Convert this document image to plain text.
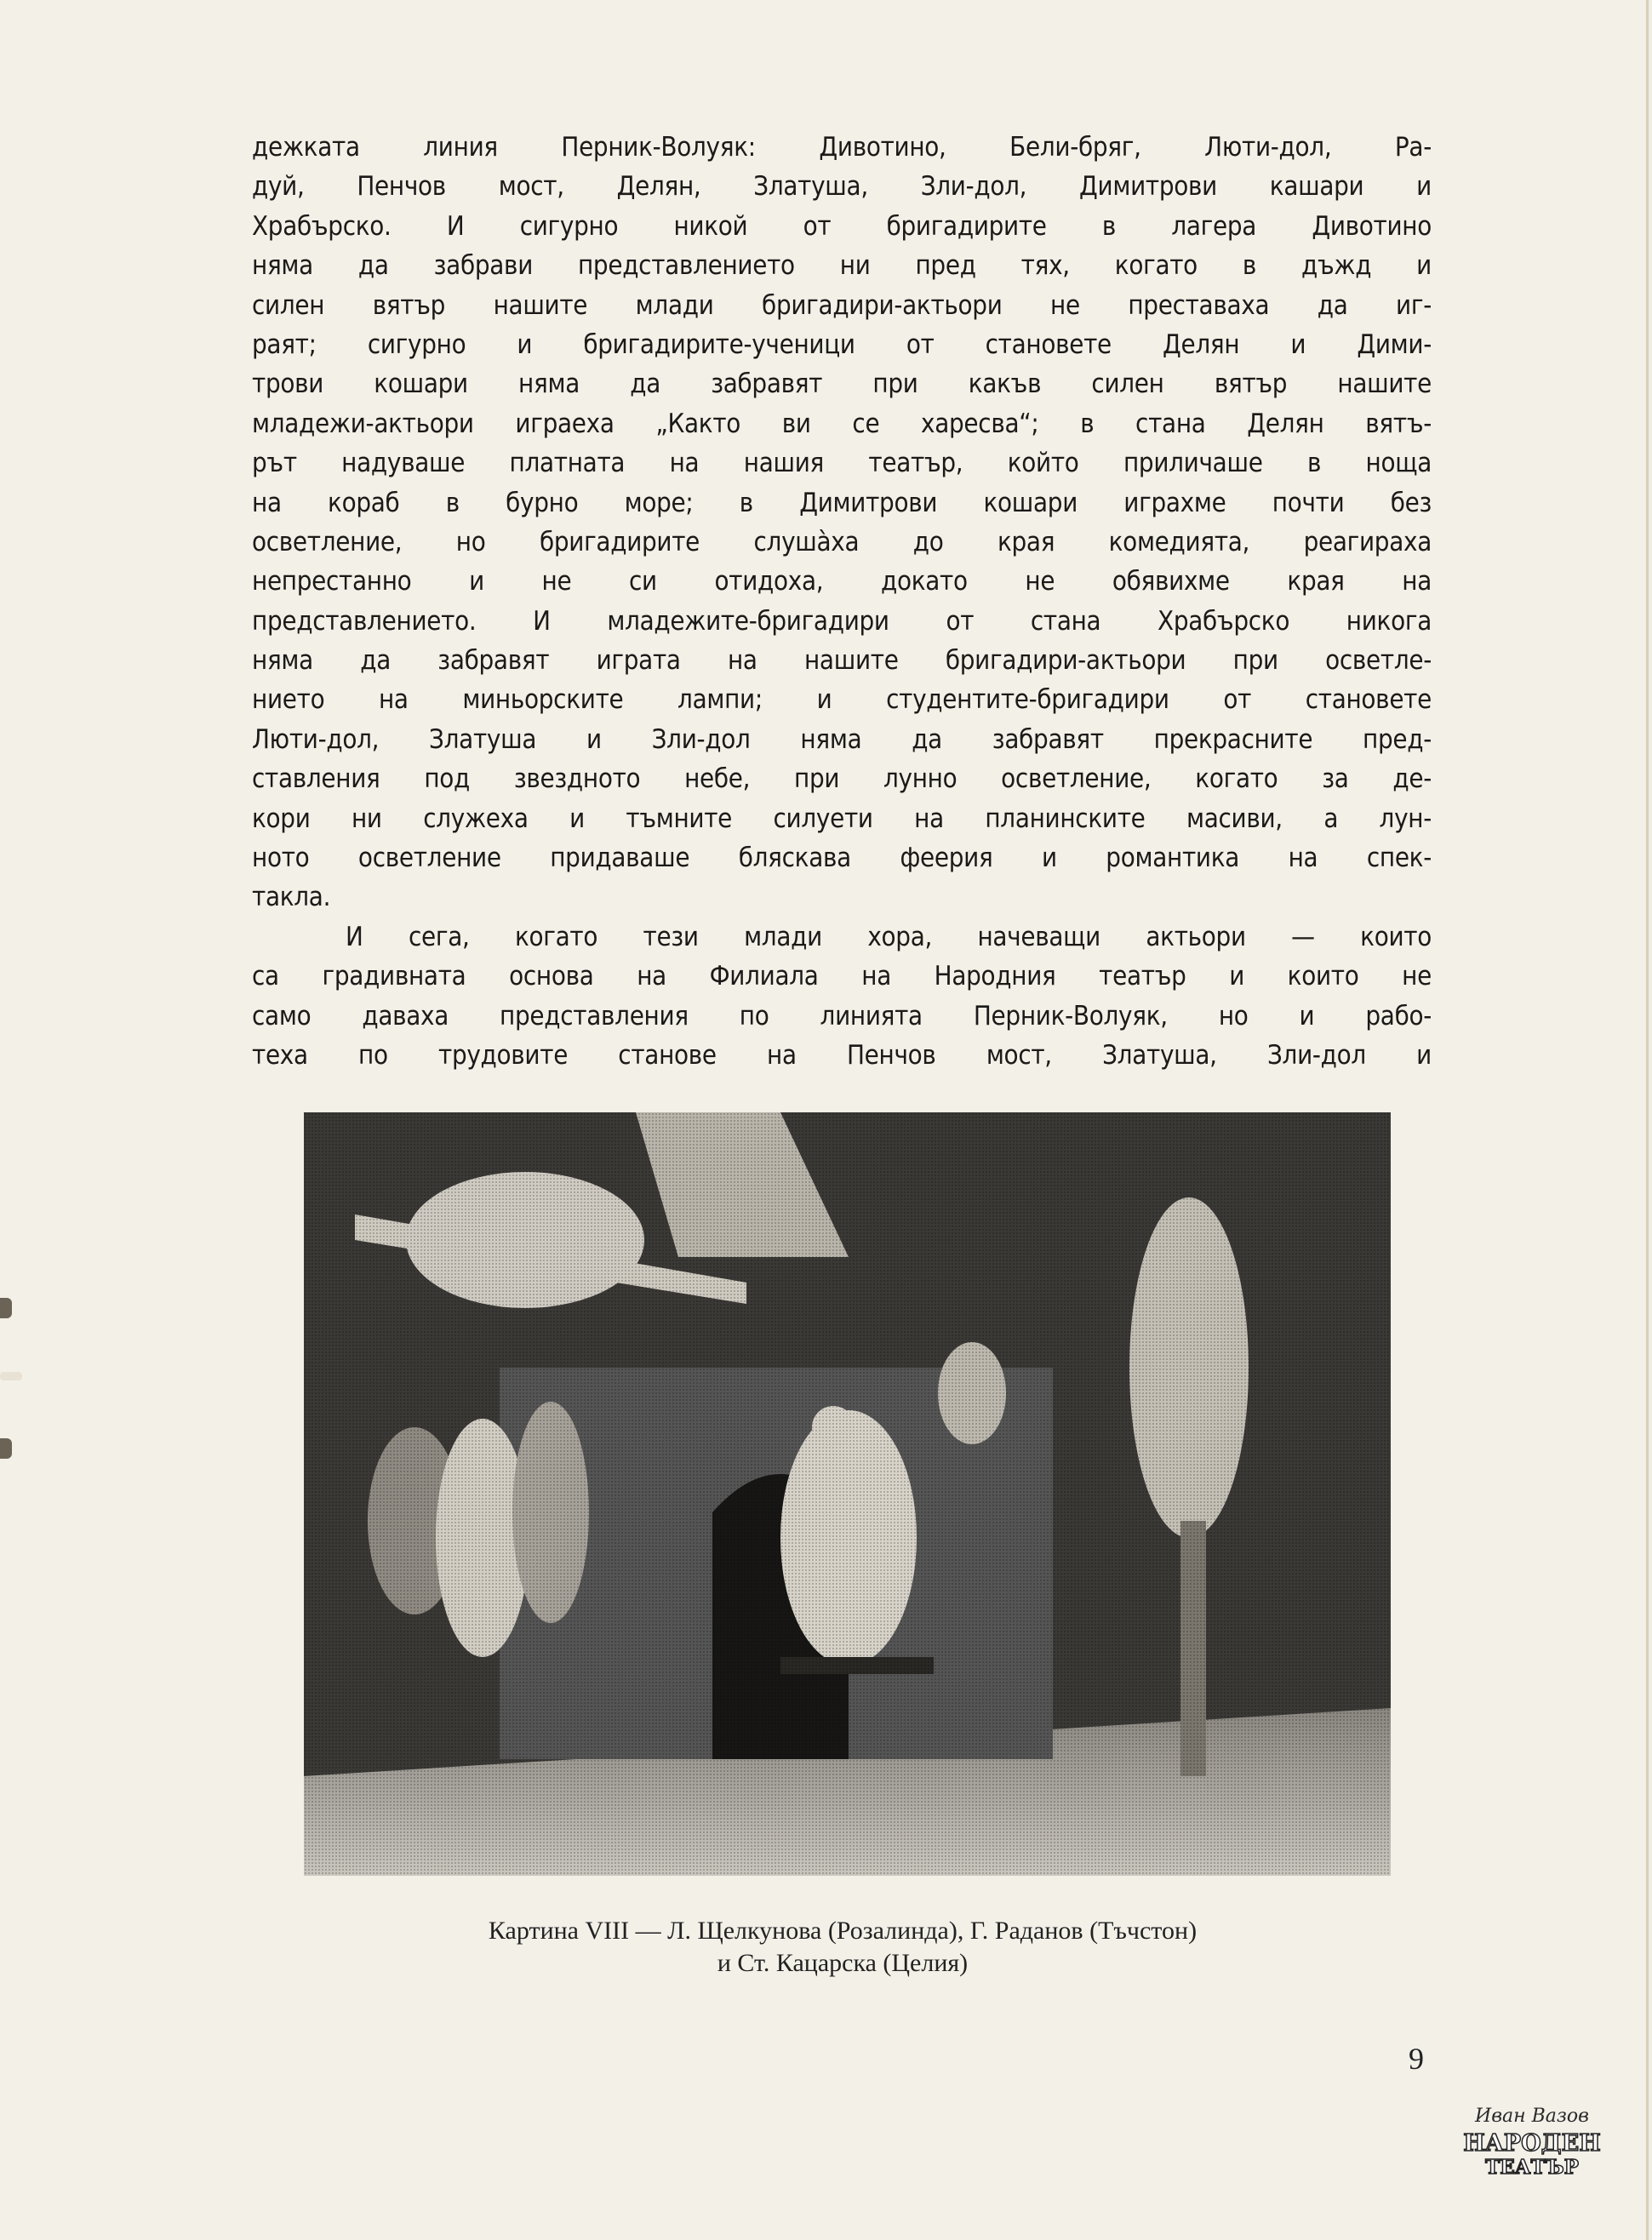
дежката линия Перник-Волуяк: Дивотино, Бели-бряг, Люти-дол, Ра-
дуй, Пенчов мост, Делян, Златуша, Зли-дол, Димитрови кашари и
Храбърско. И сигурно никой от бригадирите в лагера Дивотино
няма да забрави представлението ни пред тях, когато в дъжд и
силен вятър нашите млади бригадири-актьори не преставаха да иг-
раят; сигурно и бригадирите-ученици от становете Делян и Дими-
трови кошари няма да забравят при какъв силен вятър нашите
младежи-актьори играеха „Както ви се харесва“; в стана Делян вятъ-
рът надуваше платната на нашия театър, който приличаше в ноща
на кораб в бурно море; в Димитрови кошари играхме почти без
осветление, но бригадирите слушàха до края комедията, реагираха
непрестанно и не си отидоха, докато не обявихме края на
представлението. И младежите-бригадири от стана Храбърско никога
няма да забравят играта на нашите бригадири-актьори при осветле-
нието на миньорските лампи; и студентите-бригадири от становете
Люти-дол, Златуша и Зли-дол няма да забравят прекрасните пред-
ставления под звездното небе, при лунно осветление, когато за де-
кори ни служеха и тъмните силуети на планинските масиви, а лун-
ното осветление придаваше бляскава феерия и романтика на спек-
такла.
И сега, когато тези млади хора, начеващи актьори — които
са градивната основа на Филиала на Народния театър и които не
само даваха представления по линията Перник-Волуяк, но и рабо-
теха по трудовите станове на Пенчов мост, Златуша, Зли-дол и
Картина VIII — Л. Щелкунова (Розалинда), Г. Раданов (Тъчстон)
и Ст. Кацарска (Целия)
9
Иван Вазов
НАРОДЕН
ТЕАТЪР
